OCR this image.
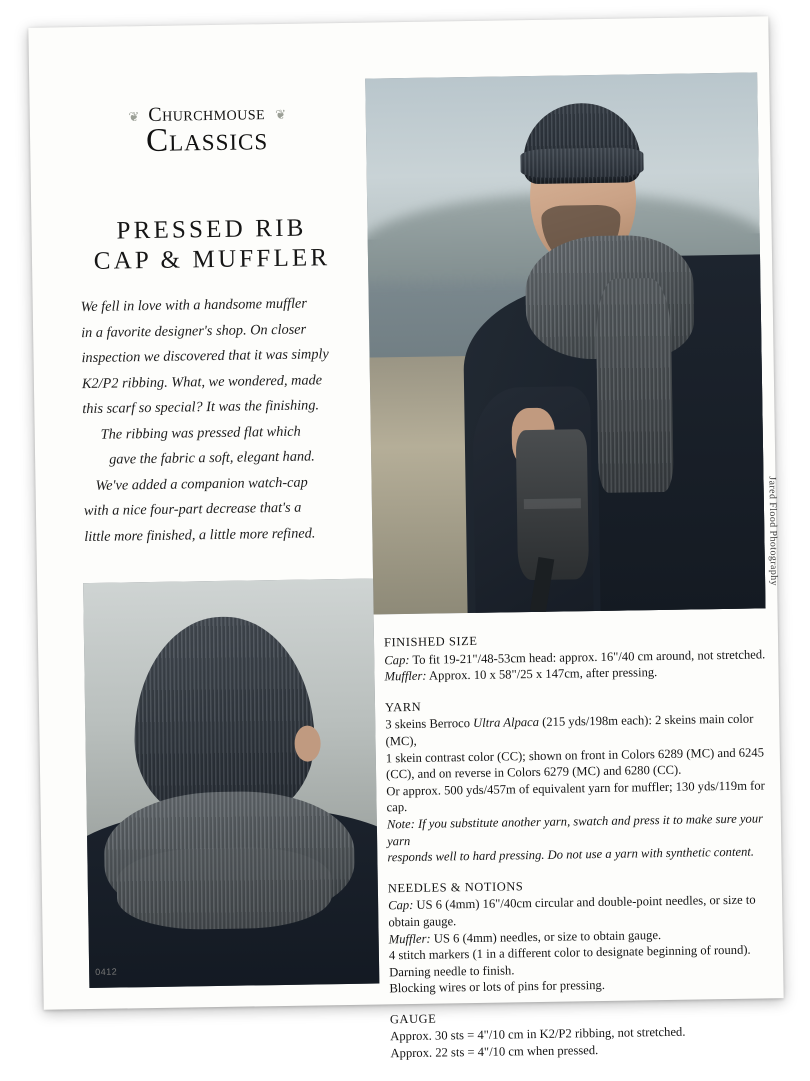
❦ Churchmouse ❦
Classics
PRESSED RIB
CAP & MUFFLER

We fell in love with a handsome muffler

in a favorite designer's shop. On closer

inspection we discovered that it was simply

K2/P2 ribbing. What, we wondered, made

this scarf so special? It was the finishing.

The ribbing was pressed flat which

gave the fabric a soft, elegant hand.

We've added a companion watch-cap

with a nice four-part decrease that's a

little more finished, a little more refined.	Jared Flood Photography
FINISHED SIZE

Cap: To fit 19-21"/48-53cm head: approx. 16"/40 cm around, not stretched.

Muffler: Approx. 10 x 58"/25 x 147cm, after pressing.

YARN

3 skeins Berroco Ultra Alpaca (215 yds/198m each): 2 skeins main color (MC),

1 skein contrast color (CC); shown on front in Colors 6289 (MC) and 6245

(CC), and on reverse in Colors 6279 (MC) and 6280 (CC).

Or approx. 500 yds/457m of equivalent yarn for muffler; 130 yds/119m for cap.

Note: If you substitute another yarn, swatch and press it to make sure your yarn

responds well to hard pressing. Do not use a yarn with synthetic content.

NEEDLES & NOTIONS

Cap: US 6 (4mm) 16"/40cm circular and double-point needles, or size to

obtain gauge.

Muffler: US 6 (4mm) needles, or size to obtain gauge.

4 stitch markers (1 in a different color to designate beginning of round).

Darning needle to finish.

Blocking wires or lots of pins for pressing.

GAUGE

Approx. 30 sts = 4"/10 cm in K2/P2 ribbing, not stretched.

Approx. 22 sts = 4"/10 cm when pressed.

0412
